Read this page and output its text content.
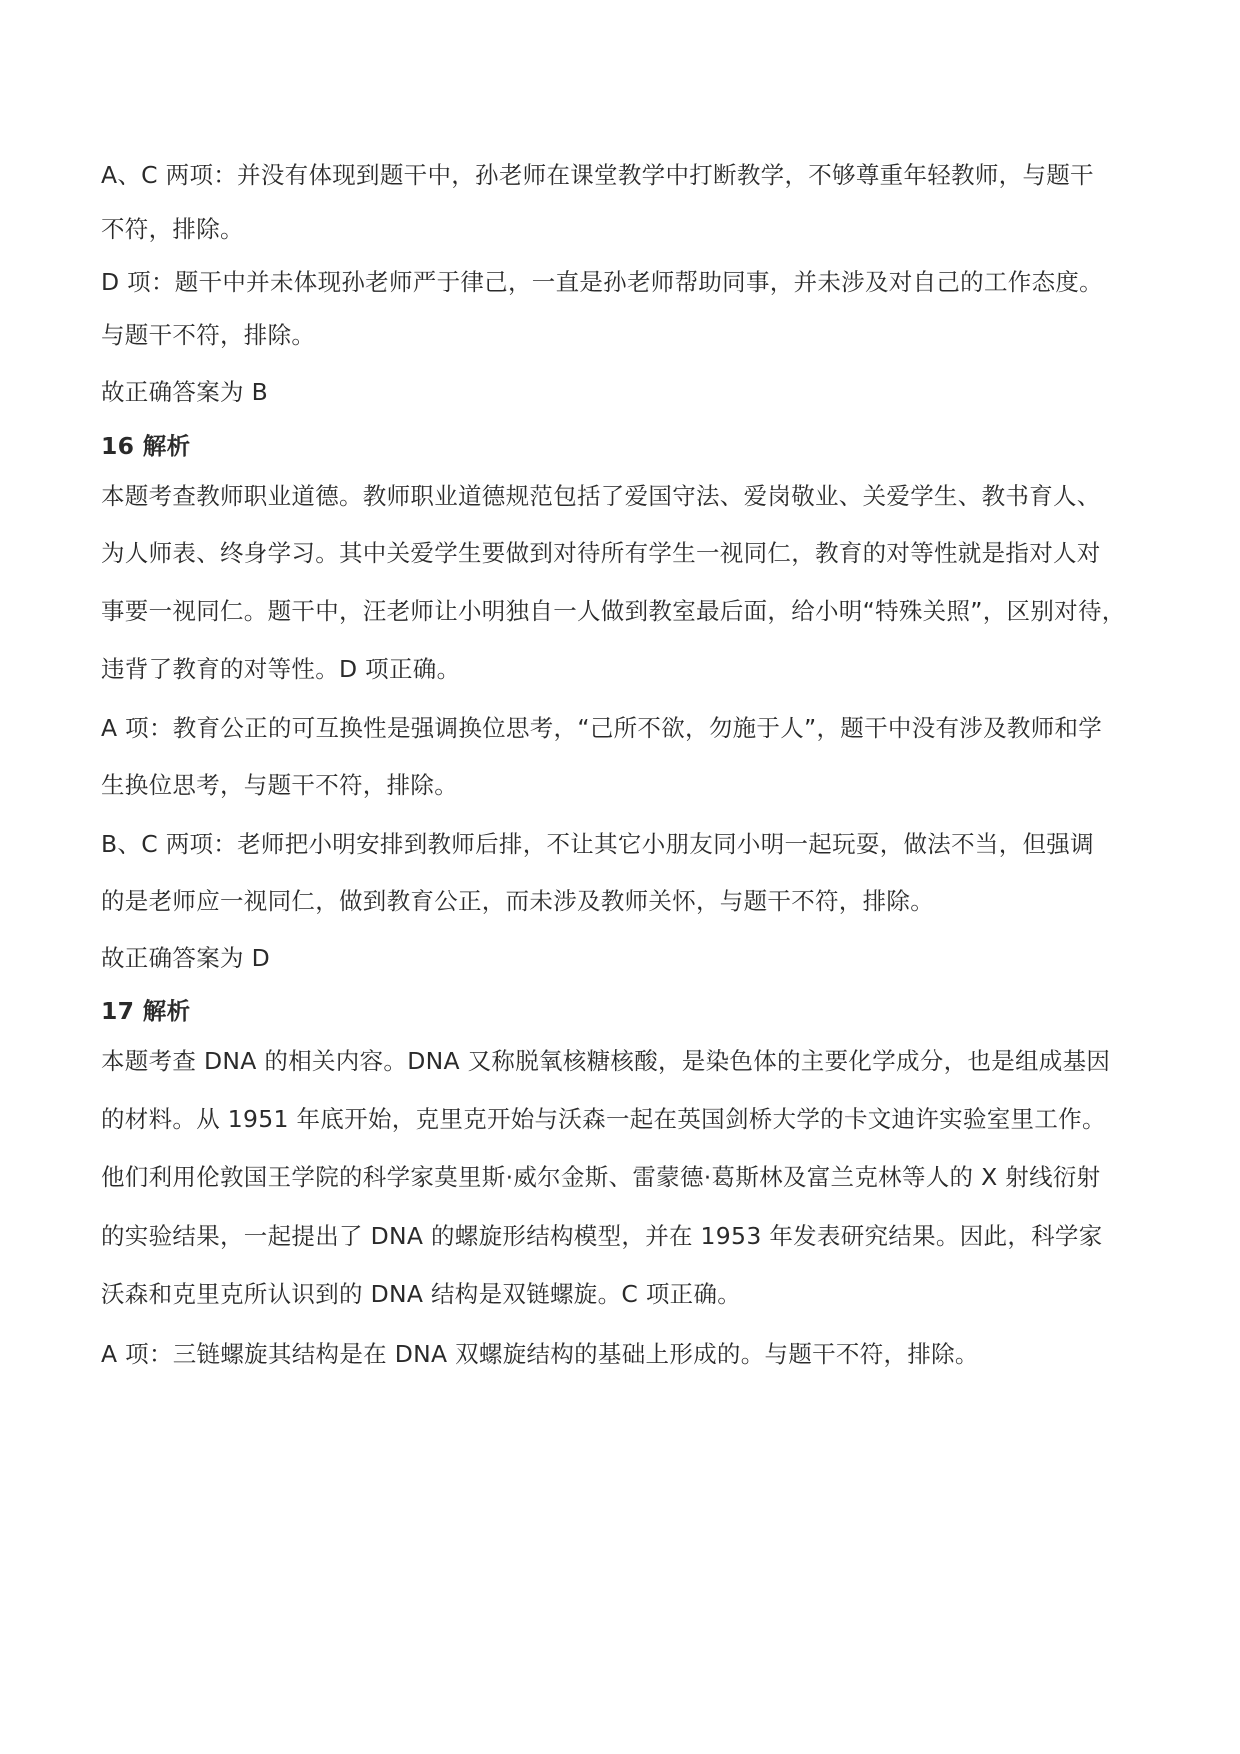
A、C 两项：并没有体现到题干中，孙老师在课堂教学中打断教学，不够尊重年轻教师，与题干
不符，排除。
D 项：题干中并未体现孙老师严于律己，一直是孙老师帮助同事，并未涉及对自己的工作态度。
与题干不符，排除。
故正确答案为 B
16 解析
本题考查教师职业道德。教师职业道德规范包括了爱国守法、爱岗敬业、关爱学生、教书育人、
为人师表、终身学习。其中关爱学生要做到对待所有学生一视同仁，教育的对等性就是指对人对
事要一视同仁。题干中，汪老师让小明独自一人做到教室最后面，给小明“特殊关照”，区别对待，
违背了教育的对等性。D 项正确。
A 项：教育公正的可互换性是强调换位思考，“己所不欲，勿施于人”，题干中没有涉及教师和学
生换位思考，与题干不符，排除。
B、C 两项：老师把小明安排到教师后排，不让其它小朋友同小明一起玩耍，做法不当，但强调
的是老师应一视同仁，做到教育公正，而未涉及教师关怀，与题干不符，排除。
故正确答案为 D
17 解析
本题考查 DNA 的相关内容。DNA 又称脱氧核糖核酸，是染色体的主要化学成分，也是组成基因
的材料。从 1951 年底开始，克里克开始与沃森一起在英国剑桥大学的卡文迪许实验室里工作。
他们利用伦敦国王学院的科学家莫里斯·威尔金斯、雷蒙德·葛斯林及富兰克林等人的 X 射线衍射
的实验结果，一起提出了 DNA 的螺旋形结构模型，并在 1953 年发表研究结果。因此，科学家
沃森和克里克所认识到的 DNA 结构是双链螺旋。C 项正确。
A 项：三链螺旋其结构是在 DNA 双螺旋结构的基础上形成的。与题干不符，排除。
